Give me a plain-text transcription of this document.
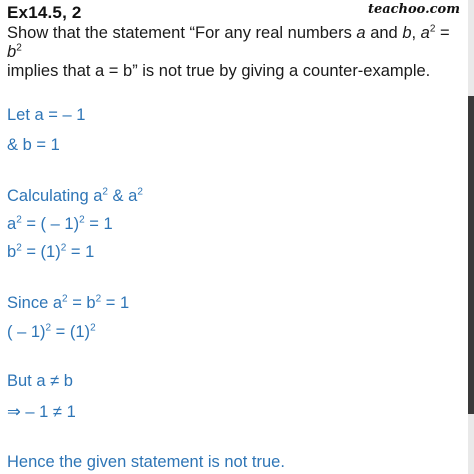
Ex14.5, 2	teachoo.com
Show that the statement “For any real numbers a and b, $a^2 = b^2$
implies that a = b” is not true by giving a counter-example.
Let a = – 1
& b = 1
Calculating $a^2$ & $a^2$
$a^2$ = ( – 1)$^2$ = 1
$b^2 = (1)^2 = 1$
Since $a^2 = b^2 = 1$
( – $1)^2 = (1)^2$
But a ≠ b
⇒ – 1 ≠ 1
Hence the given statement is not true.
